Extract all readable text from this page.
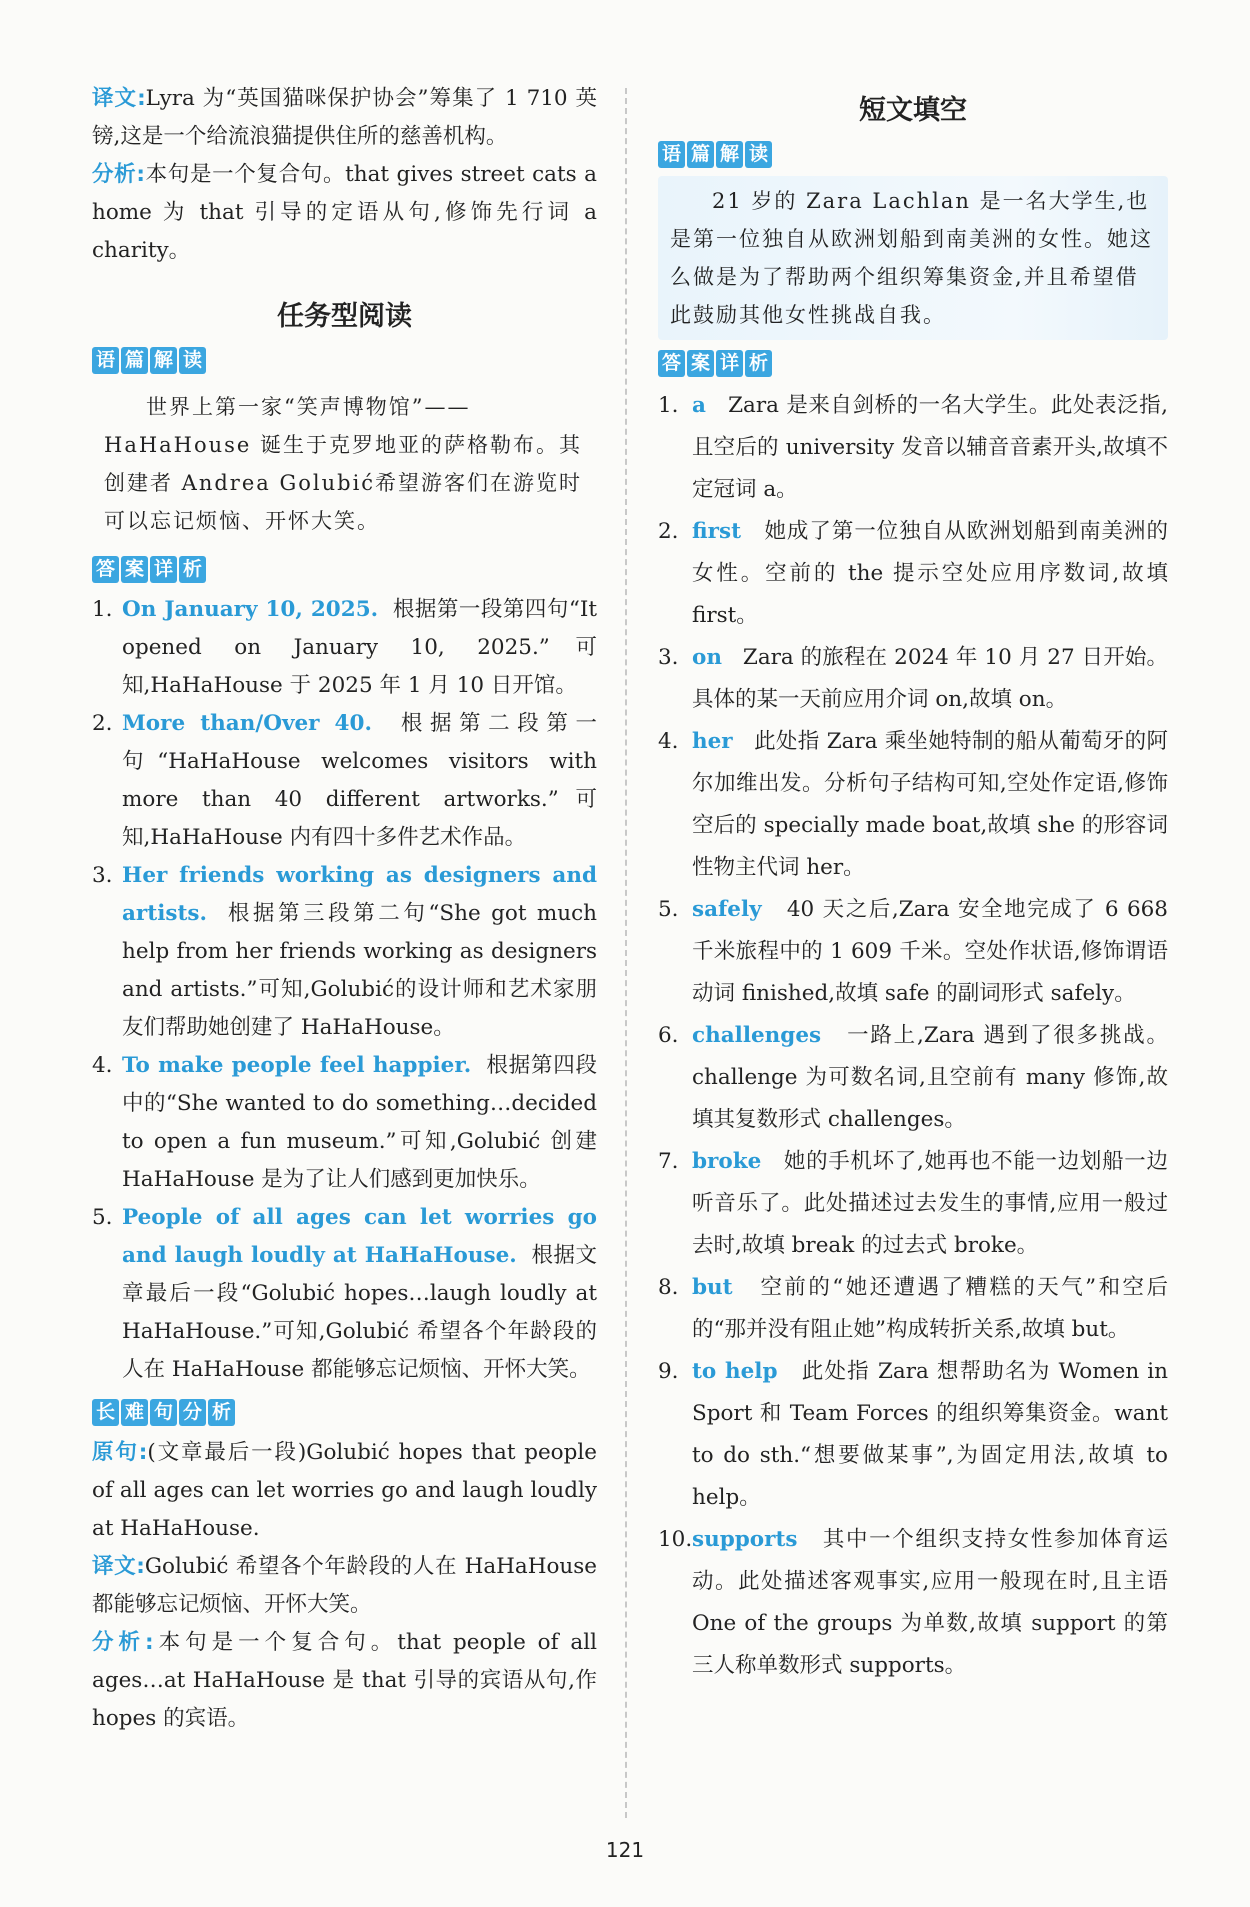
译文:Lyra 为“英国猫咪保护协会”筹集了 1 710 英镑,这是一个给流浪猫提供住所的慈善机构。

分析:本句是一个复合句。that gives street cats a home 为 that 引导的定语从句,修饰先行词 a charity。

任务型阅读
语 篇 解 读
世界上第一家“笑声博物馆”——HaHaHouse 诞生于克罗地亚的萨格勒布。其创建者 Andrea Golubić希望游客们在游览时可以忘记烦恼、开怀大笑。
答 案 详 析
1. On January 10, 2025. 根据第一段第四句“It opened on January 10, 2025.”可知,HaHaHouse 于 2025 年 1 月 10 日开馆。
2. More than/Over 40. 根据第二段第一句“HaHaHouse welcomes visitors with more than 40 different artworks.”可知,HaHaHouse 内有四十多件艺术作品。
3. Her friends working as designers and artists. 根据第三段第二句“She got much help from her friends working as designers and artists.”可知,Golubić的设计师和艺术家朋友们帮助她创建了 HaHaHouse。
4. To make people feel happier. 根据第四段中的“She wanted to do something…decided to open a fun museum.”可知,Golubić 创建 HaHaHouse 是为了让人们感到更加快乐。
5. People of all ages can let worries go and laugh loudly at HaHaHouse. 根据文章最后一段“Golubić hopes…laugh loudly at HaHaHouse.”可知,Golubić 希望各个年龄段的人在 HaHaHouse 都能够忘记烦恼、开怀大笑。
长 难 句 分 析

原句:(文章最后一段)Golubić hopes that people of all ages can let worries go and laugh loudly at HaHaHouse.

译文:Golubić 希望各个年龄段的人在 HaHaHouse 都能够忘记烦恼、开怀大笑。

分析:本句是一个复合句。that people of all ages…at HaHaHouse 是 that 引导的宾语从句,作 hopes 的宾语。

短文填空
语 篇 解 读
21 岁的 Zara Lachlan 是一名大学生,也是第一位独自从欧洲划船到南美洲的女性。她这么做是为了帮助两个组织筹集资金,并且希望借此鼓励其他女性挑战自我。
答 案 详 析
1. a Zara 是来自剑桥的一名大学生。此处表泛指,且空后的 university 发音以辅音音素开头,故填不定冠词 a。
2. first 她成了第一位独自从欧洲划船到南美洲的女性。空前的 the 提示空处应用序数词,故填 first。
3. on Zara 的旅程在 2024 年 10 月 27 日开始。具体的某一天前应用介词 on,故填 on。
4. her 此处指 Zara 乘坐她特制的船从葡萄牙的阿尔加维出发。分析句子结构可知,空处作定语,修饰空后的 specially made boat,故填 she 的形容词性物主代词 her。
5. safely 40 天之后,Zara 安全地完成了 6 668 千米旅程中的 1 609 千米。空处作状语,修饰谓语动词 finished,故填 safe 的副词形式 safely。
6. challenges 一路上,Zara 遇到了很多挑战。challenge 为可数名词,且空前有 many 修饰,故填其复数形式 challenges。
7. broke 她的手机坏了,她再也不能一边划船一边听音乐了。此处描述过去发生的事情,应用一般过去时,故填 break 的过去式 broke。
8. but 空前的“她还遭遇了糟糕的天气”和空后的“那并没有阻止她”构成转折关系,故填 but。
9. to help 此处指 Zara 想帮助名为 Women in Sport 和 Team Forces 的组织筹集资金。want to do sth.“想要做某事”,为固定用法,故填 to help。
10. supports 其中一个组织支持女性参加体育运动。此处描述客观事实,应用一般现在时,且主语 One of the groups 为单数,故填 support 的第三人称单数形式 supports。
121
